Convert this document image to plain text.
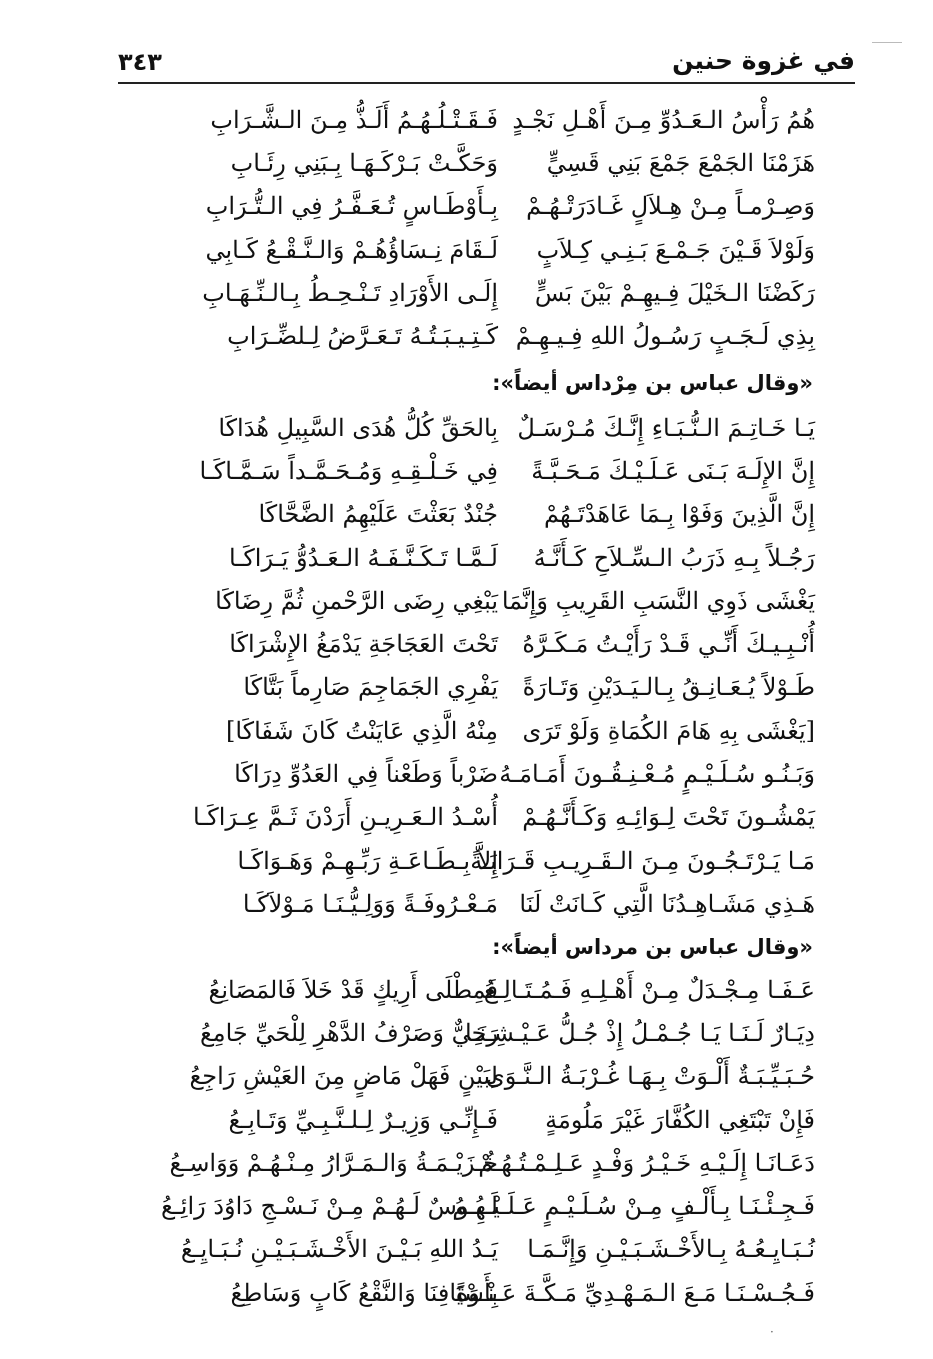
٣٤٣	في غزوة حنين
هُمُ رَأْسُ الـعَـدُوِّ مِـنَ أَهْـلِ نَجْـدٍ
فَـقَـتْـلُـهُـمُ أَلَـذُّ مِـنَ الـشَّـرَابِ
هَزَمْنَا الجَمْعَ جَمْعَ بَنِي قَسِيٍّ
وَحَكَّـتْ بَـرْكَـهَـا بِـبَنِي رِئَـابِ
وَصِـرْمـاً مِـنْ هِـلاَلٍ غَـادَرَتْـهُـمْ
بِـأَوْطَـاسٍ تُـعَـفَّـرُ فِي الـتُّـرَابِ
وَلَوْلاَ قَـيْنَ جَـمْـعَ بَـنِـي كِـلاَبٍ
لَـقَامَ نِـسَاؤُهُـمْ وَالـنَّـقْـعُ كَـابِي
رَكَضْنَا الـخَيْلَ فِـيهِـمْ بَيْنَ بَسٍّ
إِلَـى الأَوْرَادِ تَـنْـحِـطُ بِـالـنِّـهَـابِ
بِذِي لَـجَـبٍ رَسُـولُ اللهِ فِـيـهِـمْ
كَـتِـيـبَـتُـهُ تَـعَـرَّضُ لِـلضِّـرَابِ
«وقال عباس بن مِرْداس أيضاً»:
يَـا خَـاتِـمَ الـنُّـبَـاءِ إِنَّـكَ مُـرْسَـلٌ
بِالحَقِّ كُلُّ هُدَى السَّبِيلِ هُدَاكَا
إِنَّ الإِلَـهَ بَـنَى عَـلَـيْـكَ مَـحَـبَّـةً
فِي خَـلْـقِـهِ وَمُـحَـمَّـداً سَـمَّـاكَـا
إِنَّ الَّذِينَ وَفَوْا بِـمَا عَاهَدْتَـهُمْ
جُنْدٌ بَعَثْتَ عَلَيْهِمُ الضَّحَّاكَا
رَجُـلاً بِـهِ ذَرَبُ الـسِّـلاَحِ كَـأَنَّـهُ
لَـمَّـا تَـكَـنَّـفَـهُ الـعَـدُوُّ يَـرَاكَـا
يَغْشَى ذَوِي النَّسَبِ القَرِيبِ وَإِنَّمَا
يَبْغِي رِضَى الرَّحْمنِ ثُمَّ رِضَاكَا
أُنْـبِـيـكَ أَنِّـي قَـدْ رَأَيْـتُ مَـكَـرَّهُ
تَحْتَ العَجَاجَةِ يَدْمَغُ الإِشْرَاكَا
طَـوْلاً يُـعَـانِـقُ بِـالـيَـدَيْنِ وَتَـارَةً
يَفْرِي الجَمَاجِمَ صَارِماً بَتَّاكَا
[يَغْشَى بِهِ هَامَ الكُمَاةِ وَلَوْ تَرَى
مِنْهُ الَّذِي عَايَنْتُ كَانَ شَفَاكَا]
وَبَـنُـو سُـلَـيْـمٍ مُـعْـنِـقُـونَ أَمَـامَـهُ
ضَرْباً وَطَعْناً فِي العَدُوِّ دِرَاكَا
يَمْشُـونَ تَحْتَ لِـوَائِـهِ وَكَـأَنَّـهُـمْ
أُسْـدُ الـعَـرِيـنِ أَرَدْنَ ثَـمَّ عِـرَاكَـا
مَـا يَـرْتَـجُـونَ مِـنَ الـقَـرِيـبِ قَـرَابَـةً
إِلاَّ بِـطَـاعَـةِ رَبِّـهِـمْ وَهَـوَاكَـا
هَـذِي مَشَـاهِـدُنَا الَّتِي كَـانَتْ لَنَا
مَـعْـرُوفَـةً وَوَلِـيُّـنَـا مَـوْلاَكَـا
«وقال عباس بن مرداس أيضاً»:
عَـفَـا مِـجْـدَلٌ مِـنْ أَهْـلِـهِ فَـمُـتَـالِـعُ
فَمِطْلَى أَرِيكٍ قَدْ خَلاَ فَالمَصَانِعُ
دِيَـارٌ لَـنَـا يَـا جُـمْـلُ إِذْ جُـلُّ عَـيْـشِـنَـا
رَخِيٌّ وَصَرْفُ الدَّهْرِ لِلْحَيِّ جَامِعُ
حُـبَـيِّـبَـةٌ أَلْـوَتْ بِـهَـا غُـرْبَـةُ الـنَّـوَى
لِبَيْنٍ فَهَلْ مَاضٍ مِنَ العَيْشِ رَاجِعُ
فَإِنْ تَبْتَغِي الكُفَّارَ غَيْرَ مَلُومَةٍ
فَـإِنِّـي وَزِيـرٌ لِـلـنَّـبِـيِّ وَتَـابِـعُ
دَعَـانَـا إِلَـيْـهِ خَـيْـرُ وَفْـدٍ عَـلِـمْـتُـهُـمْ
خُـزَيْـمَـةُ وَالـمَـرَّارُ مِـنْـهُـمْ وَوَاسِـعُ
فَـجِـئْـنَـا بِـأَلْـفٍ مِـنْ سُـلَـيْـمٍ عَـلَـيْـهِـمُ
لَـبُـوسٌ لَـهُـمْ مِـنْ نَـسْـجِ دَاوُدَ رَائِـعُ
نُـبَـايِـعُـهُ بِـالأَخْـشَـبَـيْـنِ وَإِنَّـمَـا
يَـدُ اللهِ بَـيْـنَ الأَخْـشَـبَـيْـنِ نُـبَـايِـعُ
فَـجُـسْـنَـا مَـعَ الـمَـهْـدِيِّ مَـكَّـةَ عَـنْـوَةً
بِأَسْيَافِنَا وَالنَّقْعُ كَابٍ وَسَاطِعُ
·
